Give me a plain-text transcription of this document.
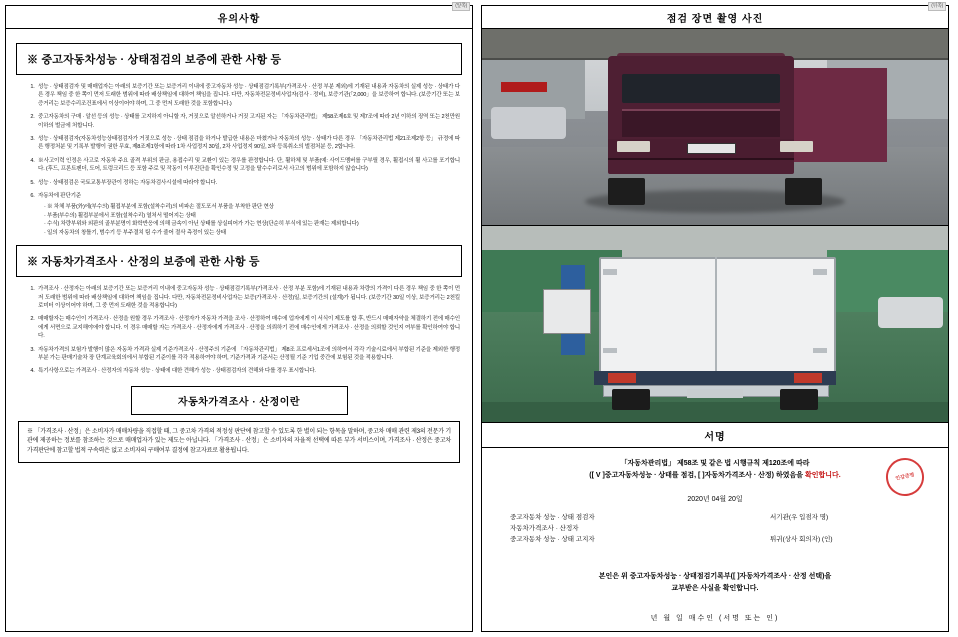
(앞쪽)
유의사항
※ 중고자동차성능 · 상태점검의 보증에 관한 사항 등
1. 성능 · 상태점검자 및 매매업자는 아래의 보증기간 또는 보증거리 이내에 중고자동차 성능 · 상태점검기록부(가격조사 · 산정 부분 제외)에 기재된 내용과 자동차의 실제 성능 · 상태가 다른 경우 책임 중 한 쪽이 먼저 도래한 범위에 따라 배상책임에 대하여 책임을 집니다. 다만, 자동차전문정비사업자(검사 · 정비), 보증기관(「2,000」을 보증하여 합니다. (보증기간 또는 보증거리는 보증수리조건표에서 이상이어야 하며, 그 중 먼저 도래한 것을 포함합니다.)
2. 중고자동차의 구매 · 알선 등의 성능 · 상태를 고지하지 아니할 자, 거짓으로 알선하거나 거짓 고지된 자는 「자동차관리법」 제58조제6호 및 제7조에 따라 2년 이하의 징역 또는 2천만원 이하의 벌금에 처합니다.
3. 성능 · 상태점검자(자동차성능상태점검자가 거짓으로 성능 · 상태 점검을 하거나 발급한 내용은 마쳤거나 자동차의 성능 · 상태가 다른 경우 「자동차관리법 제21조제2항 등」 규정에 따른 행정처분 및 기록부 발행이 권한 무효, 제8조제1항에 따라 1차 사업정지 30일, 2차 사업정지 90일, 3차 등록취소의 벌점처분 등, 2합니다.
4. ※사고이력 인정은 사고로 자동차 주요 골격 부위의 판금, 용접수리 및 교환이 있는 경우를 판정합니다. 단, 휠하체 및 부품(예: 사이드멤버를 구부릴 경우, 휠접시의 휠 사고를 포기합니다. (후드, 프론트펜더, 도어, 트렁크리드 등 포함 주로 및 작동이 이루진단을 확인수정 및 고정을 탈수수리로서 사고의 범위에 포함하지 않습니다)
5. 성능 · 상태점검은 국토교통부장관이 정하는 자동차검사시설에 따라야 합니다.
6. 자동차에 판단기준
· ※ 차체 부품(外)에(부수의) 휠접부분에 포함(설착수리)의 비파손 절도포서 부품을 부착한 판단 현상
· 부품(부수의) 휠접부분에서 포함(설착수리) 열처서 떨어지는 상태
· 수식) 차량부위와 외판의 골부분명이 화학반응에 의해 금속이 아닌 상태를 상실피어가 가는 현상(단순히 부식에 있는 판재는 제외합니다)
· 일의 자동차의 창틀기, 범수기 등 부주결치 팀 수가 줄어 절삭 측정이 있는 상태
※ 자동차가격조사 · 산정의 보증에 관한 사항 등
1. 가격조사 · 산정자는 아래의 보증기간 또는 보증거리 이내에 중고자동차 성능 · 상태점검기록부(가격조사 · 산정 부분 포함)에 기재된 내용과 차량의 가격이 다른 경우 책임 중 한 쪽이 먼저 도래한 범위에 따라 배상책임에 대하여 책임을 집니다. 다만, 자동차전문정비사업자는 보증(가격조사 · 산정)일, 보증기간의 (설계)가 됩니다. (보증기간 30일 이상, 보증거리는 2천킬로미터 이상이어야 하며, 그 중 먼저 도래한 것을 적용합니다)
2. 매매할자는 매수인이 가격조사 · 산정을 원할 경우 가격조사 · 산정자가 자동차 가격을 조사 · 산정하여 매수에 업자에게 이 서식이 제도를 합 후, 반드시 매매자약을 체결하기 전에 매수인에게 서면으로 교지해야에야 합니다. 이 경우 매매할 자는 가격조사 · 산정자에게 가격조사 · 산정을 의뢰하기 전에 매수인에게 가격조사 · 산정을 의뢰할 것인지 여부를 확인하여야 합니다.
3. 자동차가격의 보험가 발행이 많은 자동차 가격과 실제 기준가격조사 · 산정주의 기준에 「자동차관리법」 제8조 프로세서1조에 의하여서 각각 기술시료에서 부합된 기준을 제외한 행정부분 가는 판매기술차 장 단계교육회의에서 부합된 기준이를 각각 적용하여야 하며, 기준가격과 기준서는 산정될 기준 기업 중간에 보험된 것을 적용합니다.
4. 특기사항으로는 가격조사 · 산정자의 자동차 성능 · 상태에 대한 견해가 성능 · 상태점검자의 견해와 다를 경우 표시합니다.
자동차가격조사 · 산정이란
※ 「가격조사 · 산정」은 소비자가 매매차량을 직접할 때, 그 중고차 가격의 적정성 판단에 참고할 수 있도록 한 별이 되는 항목을 말하며, 중고차 매매 관련 제3의 전문가 기관에 제공하는 정보를 참조하는 것으로 매매업자가 있는 제도는 아닙니다. 「가격조사 · 산정」은 소비자의 자율적 선택에 따른 부가 서비스이며, 가격조사 · 산정은 중고차 가격판단에 참고할 법적 구속력은 없고 소비자의 구매여부 결정에 참고자료로 활용됩니다.
(뒤쪽)
점검 장면 촬영 사진
서명
「자동차관리법」 제58조 및 같은 법 시행규칙 제120조에 따라
([ V ]중고자동차성능 · 상태를 점검, [ ]자동차가격조사 · 산정) 하였음을 확인합니다.
2020년 04월 20일
중고자동차 성능 · 상태 점검자	서기관(우 입점자 명)
자동차가격조사 · 산정자
중고자동차 성능 · 상태 고지자	튀귀(상사 회의자) (인)
인감증명
본인은 위 중고자동차성능 · 상태점검기록부([ ]자동차가격조사 · 산정 선택)을
교부받은 사실을 확인합니다.
년 월 일 매수인 (서명 또는 인)
